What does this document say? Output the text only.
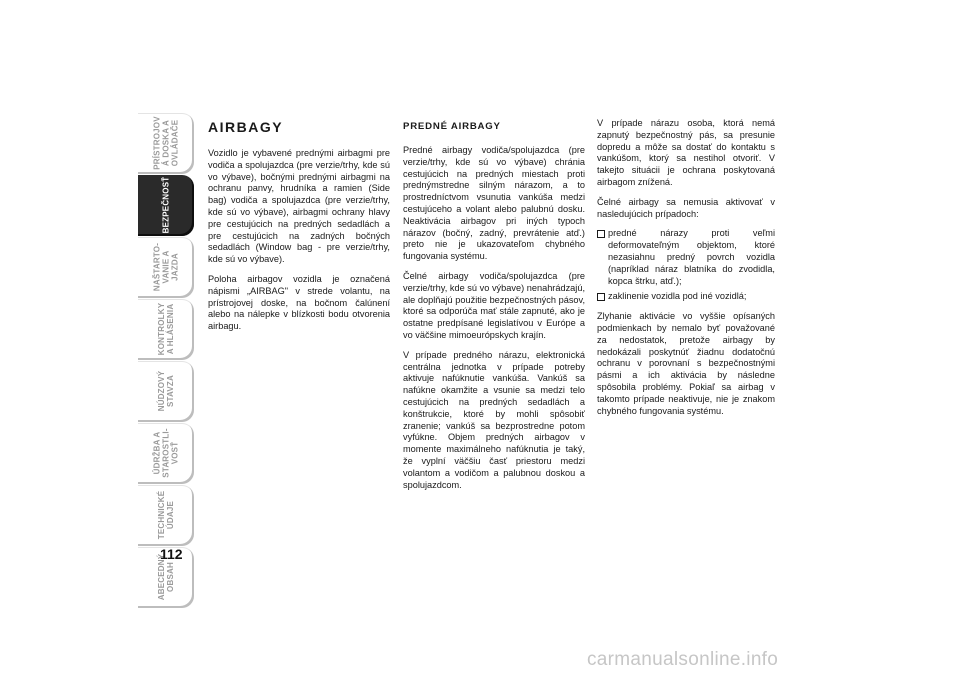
PRÍSTROJOV Á DOSKA A OVLÁDAČE
BEZPEČNOSŤ
NAŠTARTO- VANIE A JAZDA
KONTROLKY A HLÁSENIA
NÚDZOVÝ STAVZA
ÚDRŽBA A STAROSTLI- VOSŤ
TECHNICKÉ ÚDAJE
ABECEDNÝ OBSAH
112
AIRBAGY

Vozidlo je vybavené prednými airbagmi pre vodiča a spolujazdca (pre verzie/trhy, kde sú vo výbave), bočnými prednými airbagmi na ochranu panvy, hrudníka a ramien (Side bag) vodiča a spolujazdca (pre verzie/trhy, kde sú vo výbave), airbagmi ochrany hlavy pre cestujúcich na predných sedadlách a pre cestujúcich na zadných bočných sedadlách (Window bag - pre verzie/trhy, kde sú vo výbave).

Poloha airbagov vozidla je označená nápismi „AIRBAG" v strede volantu, na prístrojovej doske, na bočnom čalúnení alebo na nálepke v blízkosti bodu otvorenia airbagu.

PREDNÉ AIRBAGY

Predné airbagy vodiča/spolujazdca (pre verzie/trhy, kde sú vo výbave) chránia cestujúcich na predných miestach proti prednýmstredne silným nárazom, a to prostredníctvom vsunutia vankúša medzi cestujúceho a volant alebo palubnú dosku. Neaktivácia airbagov pri iných typoch nárazov (bočný, zadný, prevrátenie atď.) preto nie je ukazovateľom chybného fungovania systému.

Čelné airbagy vodiča/spolujazdca (pre verzie/trhy, kde sú vo výbave) nenahrádzajú, ale doplňajú použitie bezpečnostných pásov, ktoré sa odporúča mať stále zapnuté, ako je ostatne predpísané legislatívou v Európe a vo väčšine mimoeurópskych krajín.

V prípade predného nárazu, elektronická centrálna jednotka v prípade potreby aktivuje nafúknutie vankúša. Vankúš sa nafúkne okamžite a vsunie sa medzi telo cestujúcich na predných sedadlách a konštrukcie, ktoré by mohli spôsobiť zranenie; vankúš sa bezprostredne potom vyfúkne. Objem predných airbagov v momente maximálneho nafúknutia je taký, že vyplní väčšiu časť priestoru medzi volantom a vodičom a palubnou doskou a spolujazdcom.

V prípade nárazu osoba, ktorá nemá zapnutý bezpečnostný pás, sa presunie dopredu a môže sa dostať do kontaktu s vankúšom, ktorý sa nestihol otvoriť. V takejto situácii je ochrana poskytovaná airbagom znížená.

Čelné airbagy sa nemusia aktivovať v nasledujúcich prípadoch:

predné nárazy proti veľmi deformovateľným objektom, ktoré nezasiahnu predný povrch vozidla (napríklad náraz blatníka do zvodidla, kopca štrku, atď.);
zaklinenie vozidla pod iné vozidlá;

Zlyhanie aktivácie vo vyššie opísaných podmienkach by nemalo byť považované za nedostatok, pretože airbagy by nedokázali poskytnúť žiadnu dodatočnú ochranu v porovnaní s bezpečnostnými pásmi a ich aktivácia by následne spôsobila problémy. Pokiaľ sa airbag v takomto prípade neaktivuje, nie je znakom chybného fungovania systému.

carmanualsonline.info
